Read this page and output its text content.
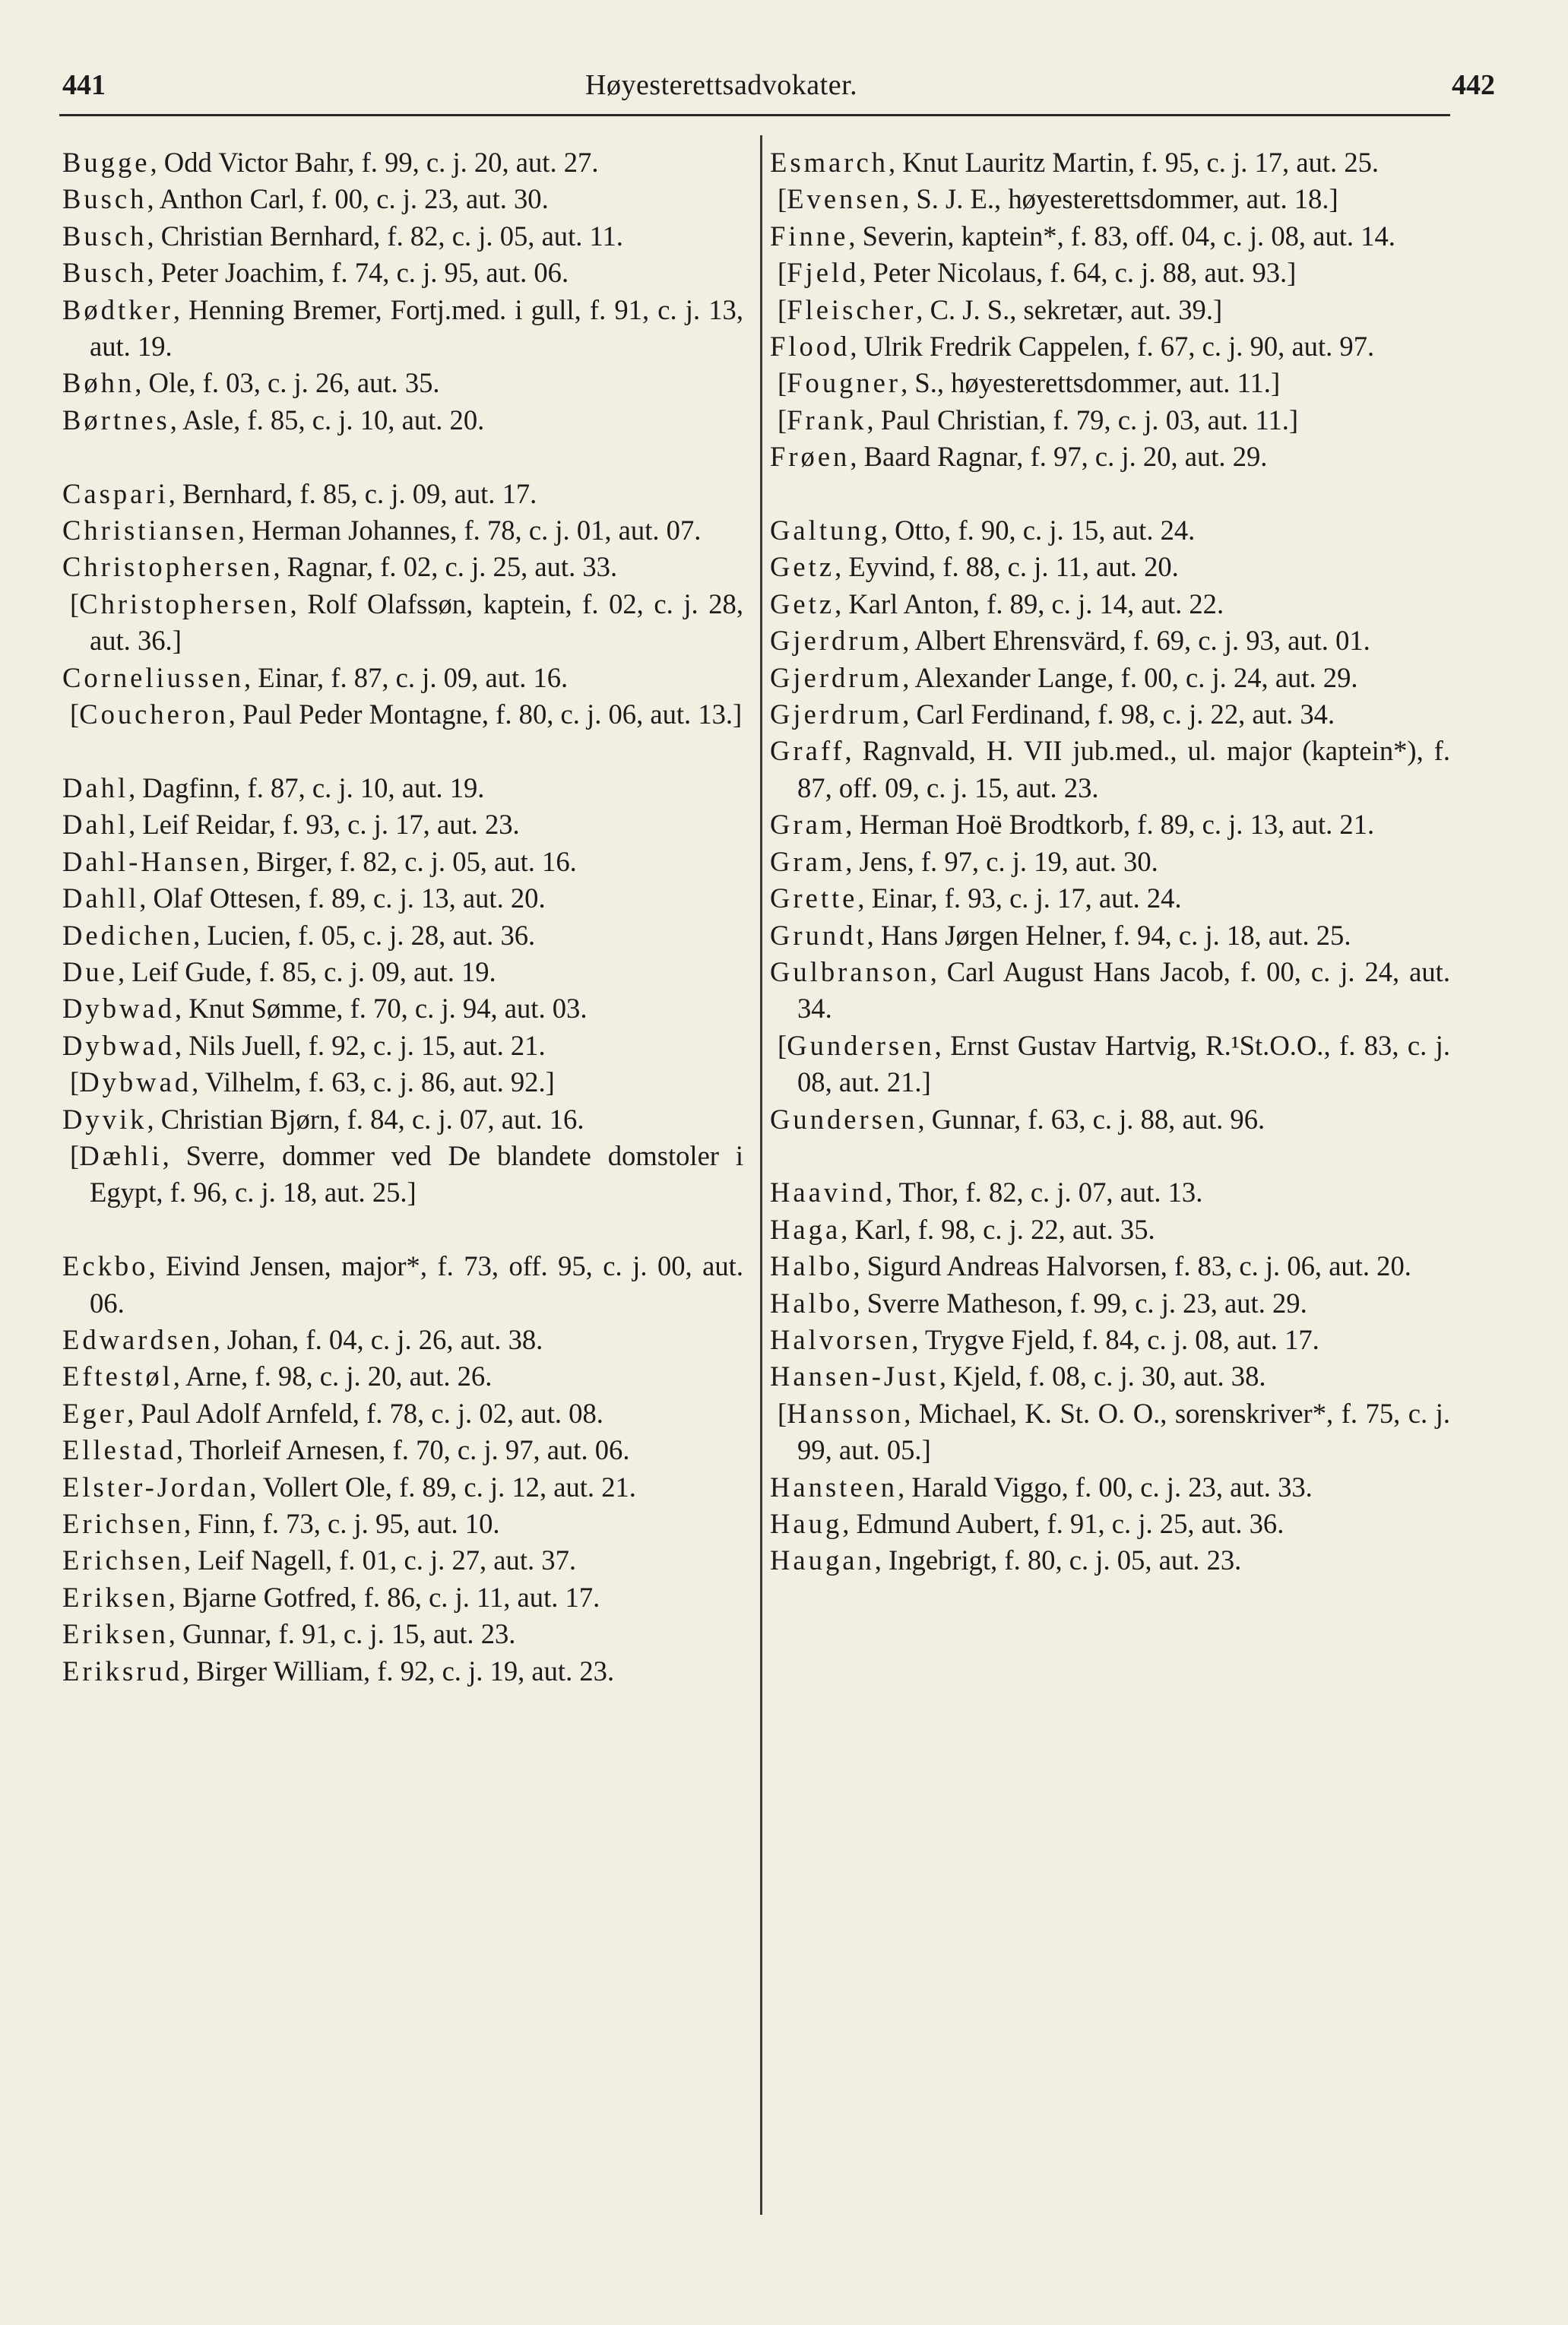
441	Høyesterettsadvokater.	442

Bugge, Odd Victor Bahr, f. 99, c. j. 20, aut. 27.

Busch, Anthon Carl, f. 00, c. j. 23, aut. 30.

Busch, Christian Bernhard, f. 82, c. j. 05, aut. 11.

Busch, Peter Joachim, f. 74, c. j. 95, aut. 06.

Bødtker, Henning Bremer, Fortj.med. i gull, f. 91, c. j. 13, aut. 19.

Bøhn, Ole, f. 03, c. j. 26, aut. 35.

Børtnes, Asle, f. 85, c. j. 10, aut. 20.

Caspari, Bernhard, f. 85, c. j. 09, aut. 17.

Christiansen, Herman Johannes, f. 78, c. j. 01, aut. 07.

Christophersen, Ragnar, f. 02, c. j. 25, aut. 33.

[Christophersen, Rolf Olafssøn, kaptein, f. 02, c. j. 28, aut. 36.]

Corneliussen, Einar, f. 87, c. j. 09, aut. 16.

[Coucheron, Paul Peder Montagne, f. 80, c. j. 06, aut. 13.]

Dahl, Dagfinn, f. 87, c. j. 10, aut. 19.

Dahl, Leif Reidar, f. 93, c. j. 17, aut. 23.

Dahl-Hansen, Birger, f. 82, c. j. 05, aut. 16.

Dahll, Olaf Ottesen, f. 89, c. j. 13, aut. 20.

Dedichen, Lucien, f. 05, c. j. 28, aut. 36.

Due, Leif Gude, f. 85, c. j. 09, aut. 19.

Dybwad, Knut Sømme, f. 70, c. j. 94, aut. 03.

Dybwad, Nils Juell, f. 92, c. j. 15, aut. 21.

[Dybwad, Vilhelm, f. 63, c. j. 86, aut. 92.]

Dyvik, Christian Bjørn, f. 84, c. j. 07, aut. 16.

[Dæhli, Sverre, dommer ved De blandete domstoler i Egypt, f. 96, c. j. 18, aut. 25.]

Eckbo, Eivind Jensen, major*, f. 73, off. 95, c. j. 00, aut. 06.

Edwardsen, Johan, f. 04, c. j. 26, aut. 38.

Eftestøl, Arne, f. 98, c. j. 20, aut. 26.

Eger, Paul Adolf Arnfeld, f. 78, c. j. 02, aut. 08.

Ellestad, Thorleif Arnesen, f. 70, c. j. 97, aut. 06.

Elster-Jordan, Vollert Ole, f. 89, c. j. 12, aut. 21.

Erichsen, Finn, f. 73, c. j. 95, aut. 10.

Erichsen, Leif Nagell, f. 01, c. j. 27, aut. 37.

Eriksen, Bjarne Gotfred, f. 86, c. j. 11, aut. 17.

Eriksen, Gunnar, f. 91, c. j. 15, aut. 23.

Eriksrud, Birger William, f. 92, c. j. 19, aut. 23.

Esmarch, Knut Lauritz Martin, f. 95, c. j. 17, aut. 25.

[Evensen, S. J. E., høyesterettsdommer, aut. 18.]

Finne, Severin, kaptein*, f. 83, off. 04, c. j. 08, aut. 14.

[Fjeld, Peter Nicolaus, f. 64, c. j. 88, aut. 93.]

[Fleischer, C. J. S., sekretær, aut. 39.]

Flood, Ulrik Fredrik Cappelen, f. 67, c. j. 90, aut. 97.

[Fougner, S., høyesterettsdommer, aut. 11.]

[Frank, Paul Christian, f. 79, c. j. 03, aut. 11.]

Frøen, Baard Ragnar, f. 97, c. j. 20, aut. 29.

Galtung, Otto, f. 90, c. j. 15, aut. 24.

Getz, Eyvind, f. 88, c. j. 11, aut. 20.

Getz, Karl Anton, f. 89, c. j. 14, aut. 22.

Gjerdrum, Albert Ehrensvärd, f. 69, c. j. 93, aut. 01.

Gjerdrum, Alexander Lange, f. 00, c. j. 24, aut. 29.

Gjerdrum, Carl Ferdinand, f. 98, c. j. 22, aut. 34.

Graff, Ragnvald, H. VII jub.med., ul. major (kaptein*), f. 87, off. 09, c. j. 15, aut. 23.

Gram, Herman Hoë Brodtkorb, f. 89, c. j. 13, aut. 21.

Gram, Jens, f. 97, c. j. 19, aut. 30.

Grette, Einar, f. 93, c. j. 17, aut. 24.

Grundt, Hans Jørgen Helner, f. 94, c. j. 18, aut. 25.

Gulbranson, Carl August Hans Jacob, f. 00, c. j. 24, aut. 34.

[Gundersen, Ernst Gustav Hartvig, R.¹St.O.O., f. 83, c. j. 08, aut. 21.]

Gundersen, Gunnar, f. 63, c. j. 88, aut. 96.

Haavind, Thor, f. 82, c. j. 07, aut. 13.

Haga, Karl, f. 98, c. j. 22, aut. 35.

Halbo, Sigurd Andreas Halvorsen, f. 83, c. j. 06, aut. 20.

Halbo, Sverre Matheson, f. 99, c. j. 23, aut. 29.

Halvorsen, Trygve Fjeld, f. 84, c. j. 08, aut. 17.

Hansen-Just, Kjeld, f. 08, c. j. 30, aut. 38.

[Hansson, Michael, K. St. O. O., sorenskriver*, f. 75, c. j. 99, aut. 05.]

Hansteen, Harald Viggo, f. 00, c. j. 23, aut. 33.

Haug, Edmund Aubert, f. 91, c. j. 25, aut. 36.

Haugan, Ingebrigt, f. 80, c. j. 05, aut. 23.
